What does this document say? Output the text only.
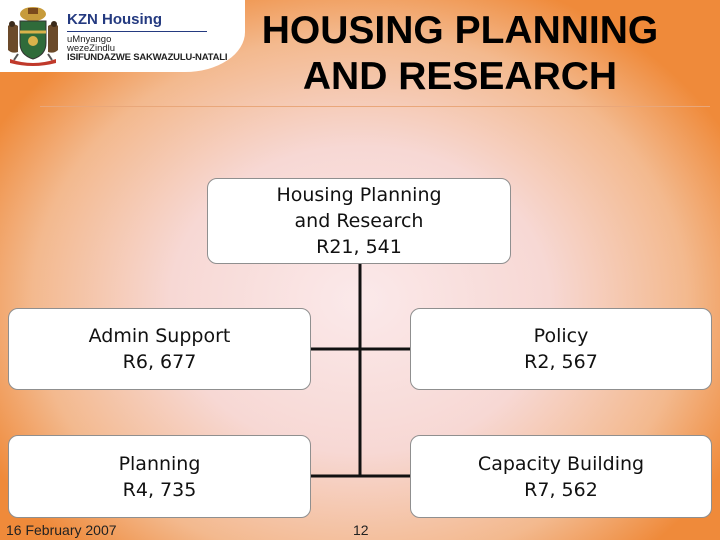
KZN Housing
uMnyango
wezeZindlu
ISIFUNDAZWE SAKWAZULU-NATALI
HOUSING PLANNING AND RESEARCH
Housing Planning
and Research
R21, 541
Admin Support
R6, 677
Policy
R2, 567
Planning
R4, 735
Capacity Building
R7, 562
16 February 2007	12
